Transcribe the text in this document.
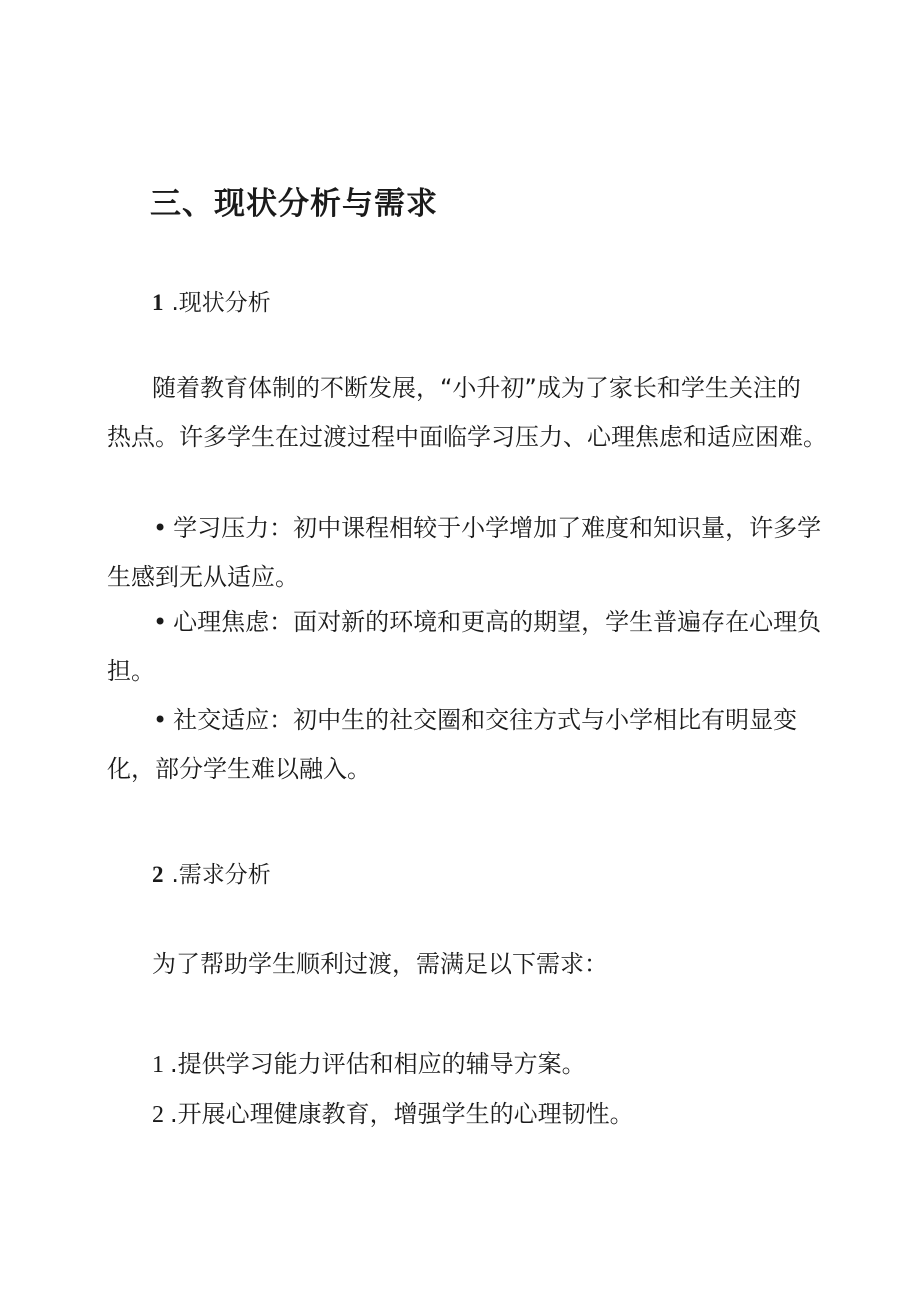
三、现状分析与需求
1 .现状分析
随着教育体制的不断发展，“小升初”成为了家长和学生关注的
热点。许多学生在过渡过程中面临学习压力、心理焦虑和适应困难。
• 学习压力：初中课程相较于小学增加了难度和知识量，许多学
生感到无从适应。
• 心理焦虑：面对新的环境和更高的期望，学生普遍存在心理负
担。
• 社交适应：初中生的社交圈和交往方式与小学相比有明显变
化，部分学生难以融入。
2 .需求分析
为了帮助学生顺利过渡，需满足以下需求：
1 .提供学习能力评估和相应的辅导方案。
2 .开展心理健康教育，增强学生的心理韧性。
